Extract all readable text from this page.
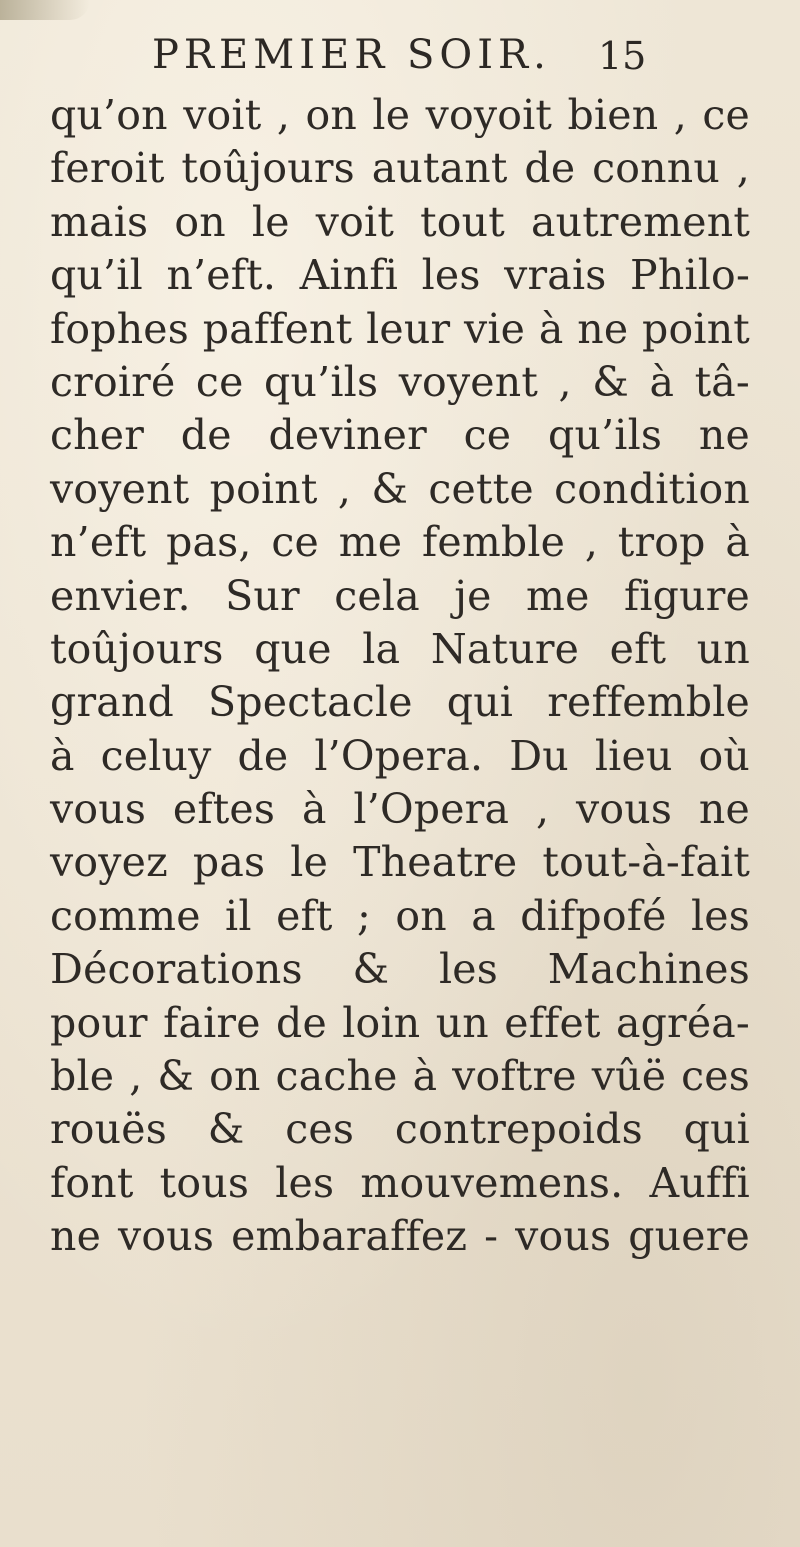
PREMIER SOIR. 15
qu’on voit , on le voyoit bien , ce
feroit toûjours autant de connu ,
mais on le voit tout autrement
qu’il n’eft. Ainfi les vrais Philo-
fophes paffent leur vie à ne point
croiré ce qu’ils voyent , & à tâ-
cher de deviner ce qu’ils ne
voyent point , & cette condition
n’eft pas, ce me femble , trop à
envier. Sur cela je me figure
toûjours que la Nature eft un
grand Spectacle qui reffemble
à celuy de l’Opera. Du lieu où
vous eftes à l’Opera , vous ne
voyez pas le Theatre tout-à-fait
comme il eft ; on a difpofé les
Décorations & les Machines
pour faire de loin un effet agréa-
ble , & on cache à voftre vûë ces
rouës & ces contrepoids qui
font tous les mouvemens. Auffi
ne vous embaraffez - vous guere
